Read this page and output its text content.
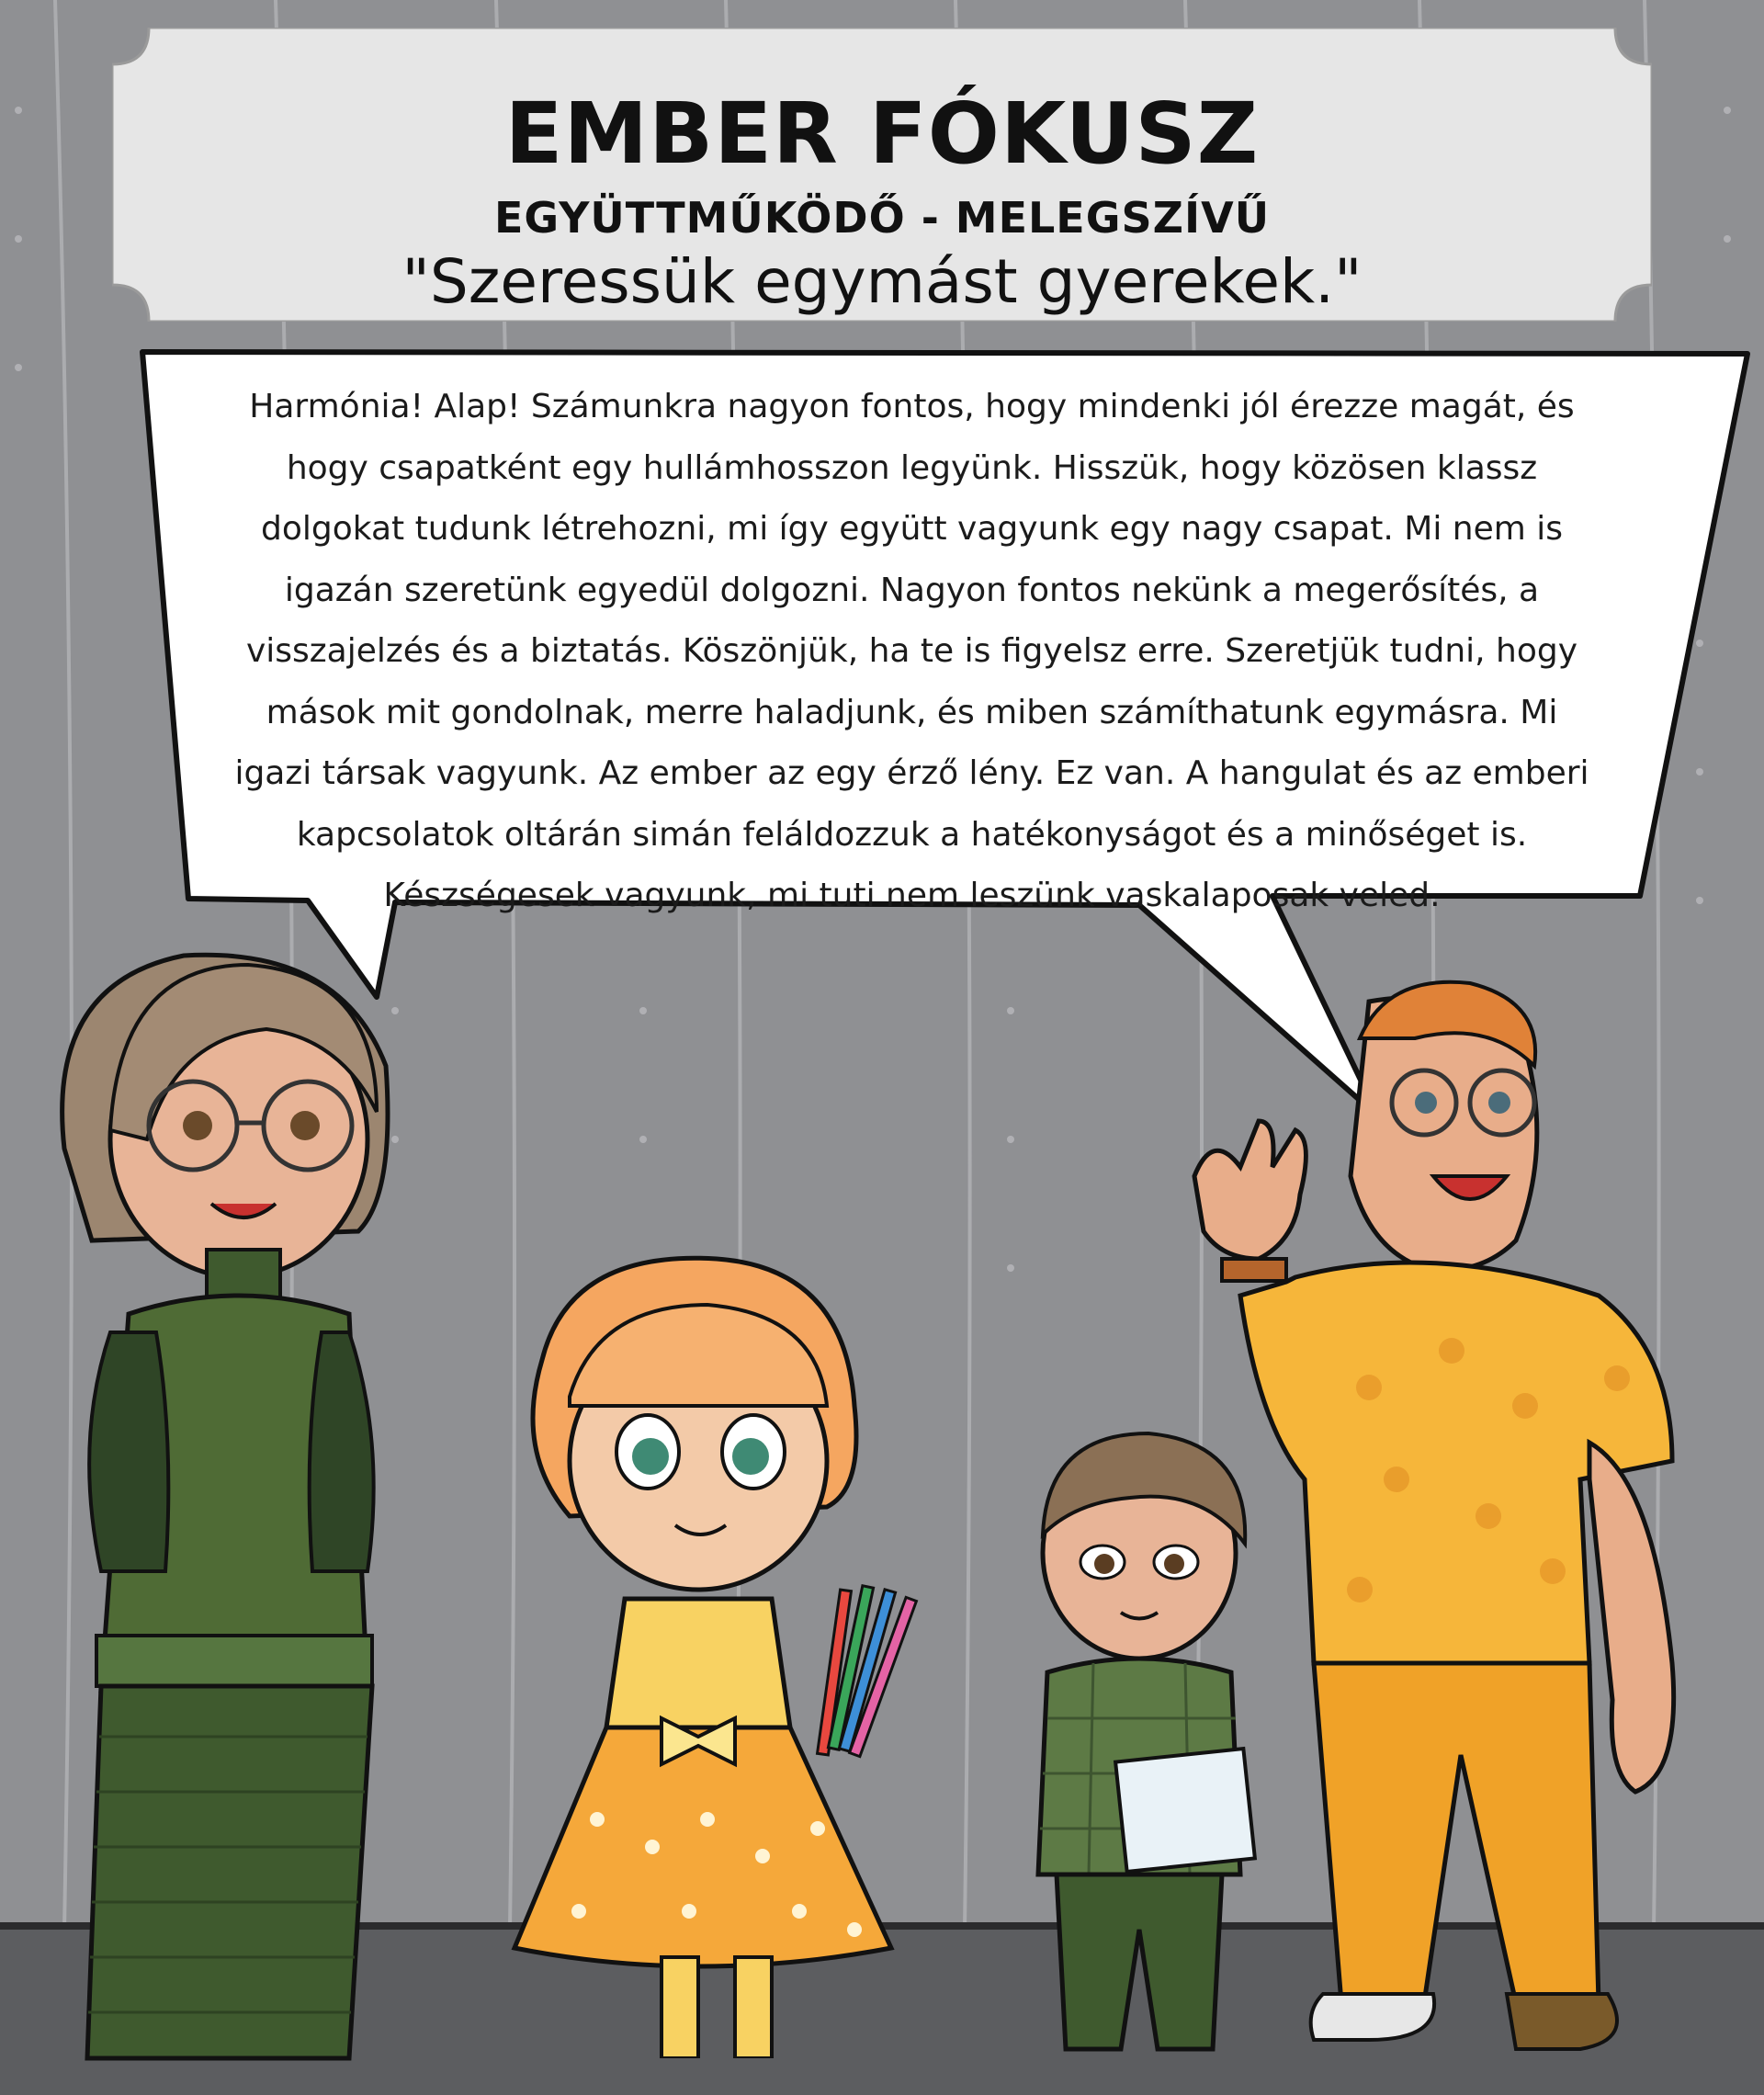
EMBER FÓKUSZ
EGYÜTTMŰKÖDŐ - MELEGSZÍVŰ
"Szeressük egymást gyerekek."
Harmónia! Alap! Számunkra nagyon fontos, hogy mindenki jól érezze magát, és
hogy csapatként egy hullámhosszon legyünk. Hisszük, hogy közösen klassz
dolgokat tudunk létrehozni, mi így együtt vagyunk egy nagy csapat. Mi nem is
igazán szeretünk egyedül dolgozni. Nagyon fontos nekünk a megerősítés, a
visszajelzés és a biztatás. Köszönjük, ha te is figyelsz erre. Szeretjük tudni, hogy
mások mit gondolnak, merre haladjunk, és miben számíthatunk egymásra. Mi
igazi társak vagyunk. Az ember az egy érző lény. Ez van. A hangulat és az emberi
kapcsolatok oltárán simán feláldozzuk a hatékonyságot és a minőséget is.
Készségesek vagyunk, mi tuti nem leszünk vaskalaposak veled.
